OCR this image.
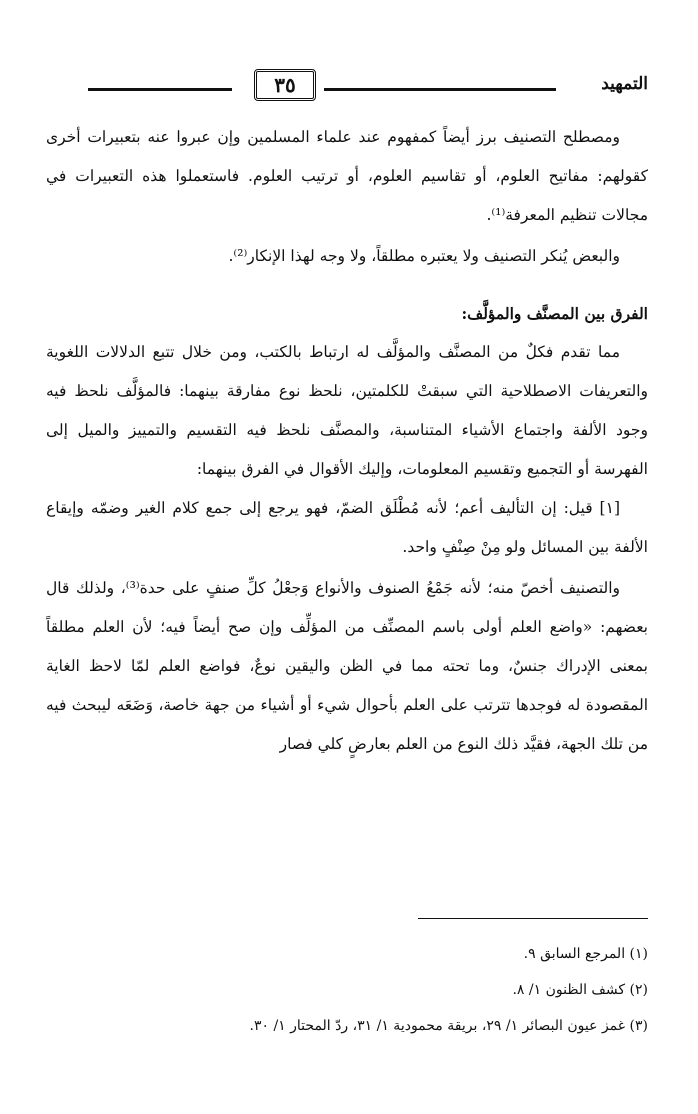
التمهيد
٣٥

ومصطلح التصنيف برز أيضاً كمفهوم عند علماء المسلمين وإن عبروا عنه بتعبيرات أخرى كقولهم: مفاتيح العلوم، أو تقاسيم العلوم، أو ترتيب العلوم. فاستعملوا هذه التعبيرات في مجالات تنظيم المعرفة⁽¹⁾.

والبعض يُنكر التصنيف ولا يعتبره مطلقاً، ولا وجه لهذا الإنكار⁽²⁾.

الفرق بين المصنَّف والمؤلَّف:

مما تقدم فكلٌ من المصنَّف والمؤلَّف له ارتباط بالكتب، ومن خلال تتبع الدلالات اللغوية والتعريفات الاصطلاحية التي سبقتْ للكلمتين، نلحظ نوع مفارقة بينهما: فالمؤلَّف نلحظ فيه وجود الألفة واجتماع الأشياء المتناسبة، والمصنَّف نلحظ فيه التقسيم والتمييز والميل إلى الفهرسة أو التجميع وتقسيم المعلومات، وإليك الأقوال في الفرق بينهما:

[١] قيل: إن التأليف أعم؛ لأنه مُطْلَق الضمّ، فهو يرجع إلى جمع كلام الغير وضمّه وإيقاع الألفة بين المسائل ولو مِنْ صِنْفٍ واحد.

والتصنيف أخصّ منه؛ لأنه جَمْعُ الصنوف والأنواع وَجعْلُ كلِّ صنفٍ على حدة⁽³⁾، ولذلك قال بعضهم: «واضع العلم أولى باسم المصنِّف من المؤلِّف وإن صح أيضاً فيه؛ لأن العلم مطلقاً بمعنى الإدراك جنسٌ، وما تحته مما في الظن واليقين نوعٌ، فواضع العلم لمّا لاحظ الغاية المقصودة له فوجدها تترتب على العلم بأحوال شيء أو أشياء من جهة خاصة، وَضَعَه ليبحث فيه من تلك الجهة، فقيَّد ذلك النوع من العلم بعارضٍ كلي فصار

(١) المرجع السابق ٩.

(٢) كشف الظنون ١/ ٨.

(٣) غمز عيون البصائر ١/ ٢٩، بريقة محمودية ١/ ٣١، ردّ المحتار ١/ ٣٠.
